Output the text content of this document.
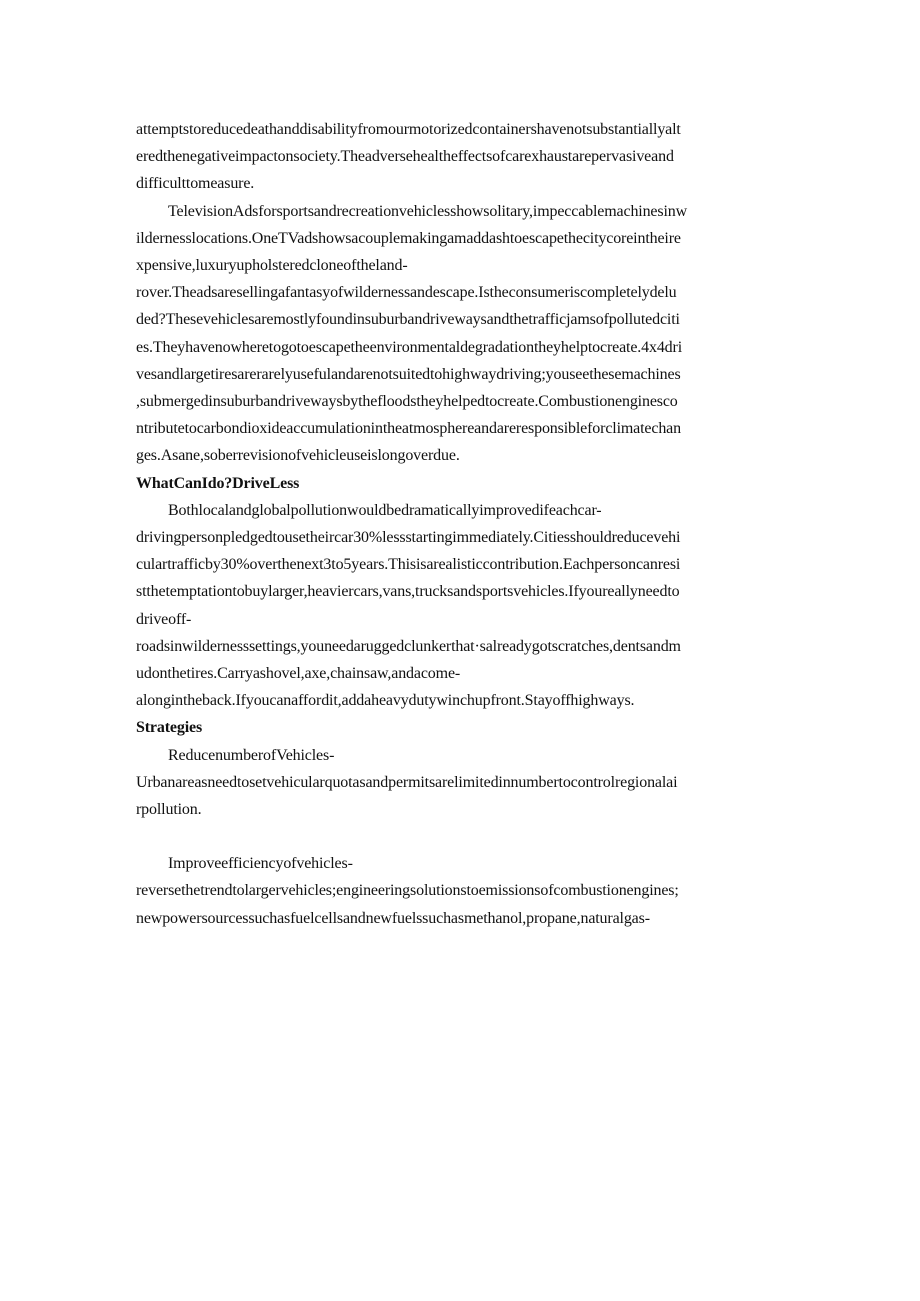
attemptstoreducedeathanddisabilityfromourmotorizedcontainershavenotsubstantiallyalt
eredthenegativeimpactonsociety.Theadversehealtheffectsofcarexhaustarepervasiveand
difficulttomeasure.
TelevisionAdsforsportsandrecreationvehiclesshowsolitary,impeccablemachinesinw
ildernesslocations.OneTVadshowsacouplemakingamaddashtoescapethecitycoreintheire
xpensive,luxuryupholsteredcloneoftheland-
rover.Theadsaresellingafantasyofwildernessandescape.Istheconsumeriscompletelydelu
ded?Thesevehiclesaremostlyfoundinsuburbandrivewaysandthetrafficjamsofpollutedciti
es.Theyhavenowheretogotoescapetheenvironmentaldegradationtheyhelptocreate.4x4dri
vesandlargetiresarerarelyusefulandarenotsuitedtohighwaydriving;youseethesemachines
,submergedinsuburbandrivewaysbythefloodstheyhelpedtocreate.Combustionenginesco
ntributetocarbondioxideaccumulationintheatmosphereandareresponsibleforclimatechan
ges.Asane,soberrevisionofvehicleuseislongoverdue.
WhatCanIdo?DriveLess
Bothlocalandglobalpollutionwouldbedramaticallyimprovedifeachcar-
drivingpersonpledgedtousetheircar30%lessstartingimmediately.Citiesshouldreducevehi
culartrafficby30%overthenext3to5years.Thisisarealisticcontribution.Eachpersoncanresi
stthetemptationtobuylarger,heaviercars,vans,trucksandsportsvehicles.Ifyoureallyneedto
driveoff-
roadsinwildernesssettings,youneedaruggedclunkerthat·salreadygotscratches,dentsandm
udonthetires.Carryashovel,axe,chainsaw,andacome-
alongintheback.Ifyoucanaffordit,addaheavydutywinchupfront.Stayoffhighways.
Strategies
ReducenumberofVehicles-
Urbanareasneedtosetvehicularquotasandpermitsarelimitedinnumbertocontrolregionalai
rpollution.
Improveefficiencyofvehicles-
reversethetrendtolargervehicles;engineeringsolutionstoemissionsofcombustionengines;
newpowersourcessuchasfuelcellsandnewfuelssuchasmethanol,propane,naturalgas-
